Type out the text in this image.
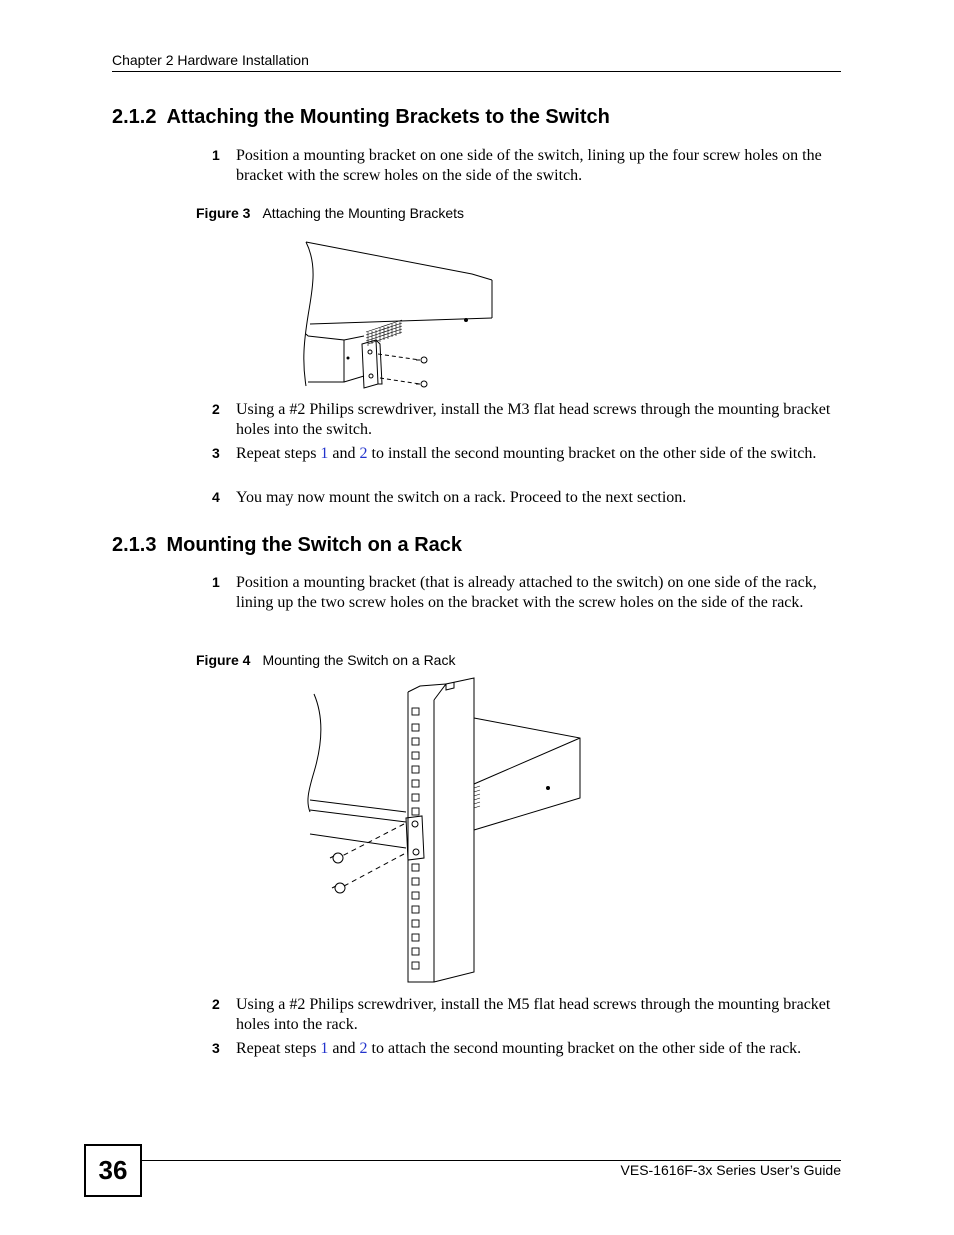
Chapter 2 Hardware Installation
2.1.2 Attaching the Mounting Brackets to the Switch
1 Position a mounting bracket on one side of the switch, lining up the four screw holes on the bracket with the screw holes on the side of the switch.
Figure 3 Attaching the Mounting Brackets
2 Using a #2 Philips screwdriver, install the M3 flat head screws through the mounting bracket holes into the switch.
3 Repeat steps 1 and 2 to install the second mounting bracket on the other side of the switch.
4 You may now mount the switch on a rack. Proceed to the next section.
2.1.3 Mounting the Switch on a Rack
1 Position a mounting bracket (that is already attached to the switch) on one side of the rack, lining up the two screw holes on the bracket with the screw holes on the side of the rack.
Figure 4 Mounting the Switch on a Rack
2 Using a #2 Philips screwdriver, install the M5 flat head screws through the mounting bracket holes into the rack.
3 Repeat steps 1 and 2 to attach the second mounting bracket on the other side of the rack.
36	VES-1616F-3x Series User’s Guide
